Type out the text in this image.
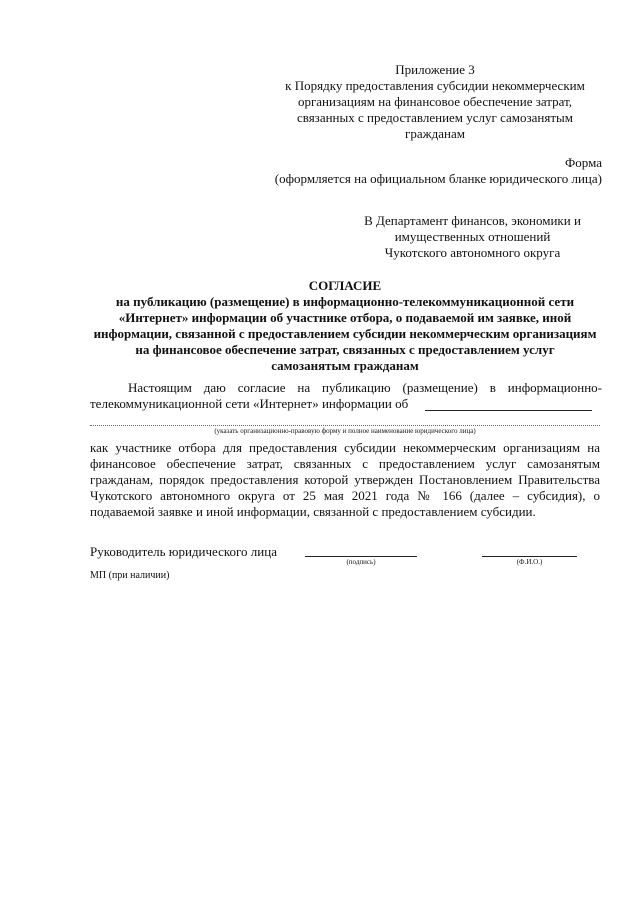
Приложение 3
к Порядку предоставления субсидии некоммерческим
организациям на финансовое обеспечение затрат,
связанных с предоставлением услуг самозанятым
гражданам
Форма
(оформляется на официальном бланке юридического лица)
В Департамент финансов, экономики и
имущественных отношений
Чукотского автономного округа
СОГЛАСИЕ
на публикацию (размещение) в информационно-телекоммуникационной сети
«Интернет» информации об участнике отбора, о подаваемой им заявке, иной
информации, связанной с предоставлением субсидии некоммерческим организациям
на финансовое обеспечение затрат, связанных с предоставлением услуг
самозанятым гражданам
Настоящим даю согласие на публикацию (размещение) в информационно-
телекоммуникационной сети «Интернет» информации об
(указать организационно-правовую форму и полное наименование юридического лица)
как участнике отбора для предоставления субсидии некоммерческим организациям на
финансовое обеспечение затрат, связанных с предоставлением услуг самозанятым
гражданам, порядок предоставления которой утвержден Постановлением Правительства
Чукотского автономного округа от 25 мая 2021 года № 166 (далее – субсидия), о
подаваемой заявке и иной информации, связанной с предоставлением субсидии.
Руководитель юридического лица
(подпись)	(Ф.И.О.)
МП (при наличии)
